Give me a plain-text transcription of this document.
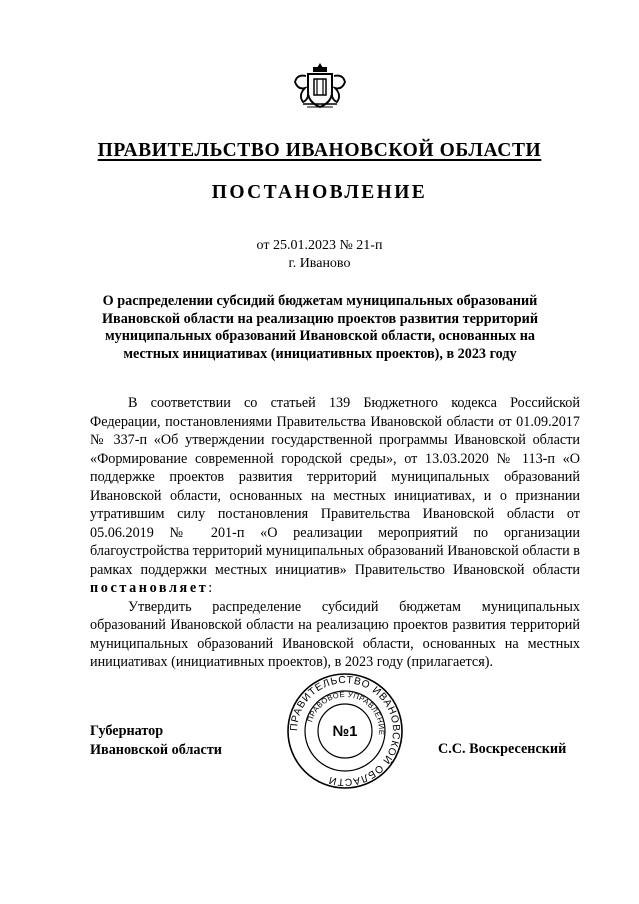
ПРАВИТЕЛЬСТВО ИВАНОВСКОЙ ОБЛАСТИ
ПОСТАНОВЛЕНИЕ
от 25.01.2023 № 21-п
г. Иваново
О распределении субсидий бюджетам муниципальных образований Ивановской области на реализацию проектов развития территорий муниципальных образований Ивановской области, основанных на местных инициативах (инициативных проектов), в 2023 году

В соответствии со статьей 139 Бюджетного кодекса Российской Федерации, постановлениями Правительства Ивановской области от 01.09.2017 № 337-п «Об утверждении государственной программы Ивановской области «Формирование современной городской среды», от 13.03.2020 № 113-п «О поддержке проектов развития территорий муниципальных образований Ивановской области, основанных на местных инициативах, и о признании утратившим силу постановления Правительства Ивановской области от 05.06.2019 № 201-п «О реализации мероприятий по организации благоустройства территорий муниципальных образований Ивановской области в рамках поддержки местных инициатив» Правительство Ивановской области постановляет:

Утвердить распределение субсидий бюджетам муниципальных образований Ивановской области на реализацию проектов развития территорий муниципальных образований Ивановской области, основанных на местных инициативах (инициативных проектов), в 2023 году (прилагается).

Губернатор
Ивановской области	С.С. Воскресенский
ПРАВИТЕЛЬСТВО ИВАНОВСКОЙ ОБЛАСТИ
ПРАВОВОЕ УПРАВЛЕНИЕ
№1
